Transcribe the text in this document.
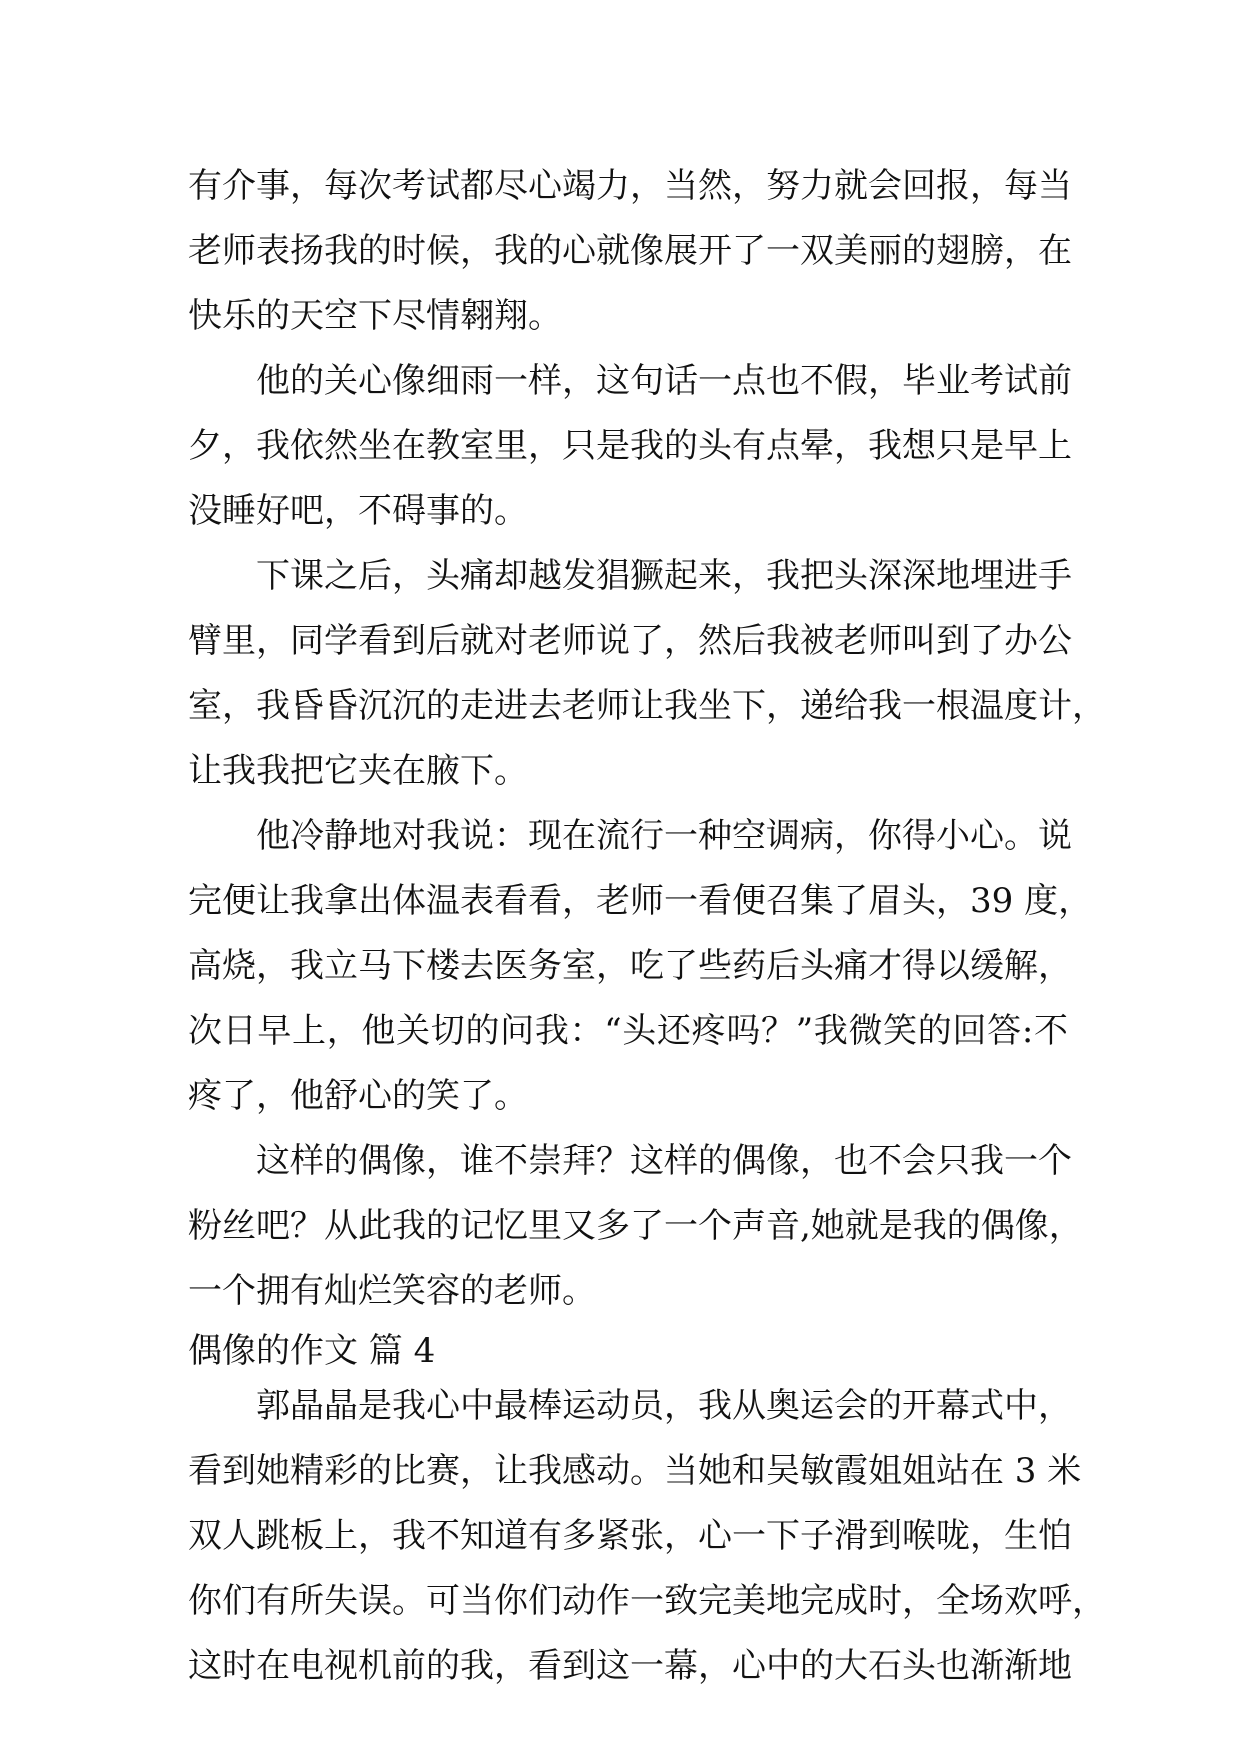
有介事，每次考试都尽心竭力，当然，努力就会回报，每当
老师表扬我的时候，我的心就像展开了一双美丽的翅膀，在
快乐的天空下尽情翱翔。
他的关心像细雨一样，这句话一点也不假，毕业考试前
夕，我依然坐在教室里，只是我的头有点晕，我想只是早上
没睡好吧，不碍事的。
下课之后，头痛却越发猖獗起来，我把头深深地埋进手
臂里，同学看到后就对老师说了，然后我被老师叫到了办公
室，我昏昏沉沉的走进去老师让我坐下，递给我一根温度计，
让我我把它夹在腋下。
他冷静地对我说：现在流行一种空调病，你得小心。说
完便让我拿出体温表看看，老师一看便召集了眉头，39 度，
高烧，我立马下楼去医务室，吃了些药后头痛才得以缓解，
次日早上，他关切的问我：“头还疼吗？”我微笑的回答:不
疼了，他舒心的笑了。
这样的偶像，谁不崇拜？这样的偶像，也不会只我一个
粉丝吧？从此我的记忆里又多了一个声音,她就是我的偶像，
一个拥有灿烂笑容的老师。
偶像的作文 篇 4
郭晶晶是我心中最棒运动员，我从奥运会的开幕式中，
看到她精彩的比赛，让我感动。当她和吴敏霞姐姐站在 3 米
双人跳板上，我不知道有多紧张，心一下子滑到喉咙，生怕
你们有所失误。可当你们动作一致完美地完成时，全场欢呼，
这时在电视机前的我，看到这一幕，心中的大石头也渐渐地
